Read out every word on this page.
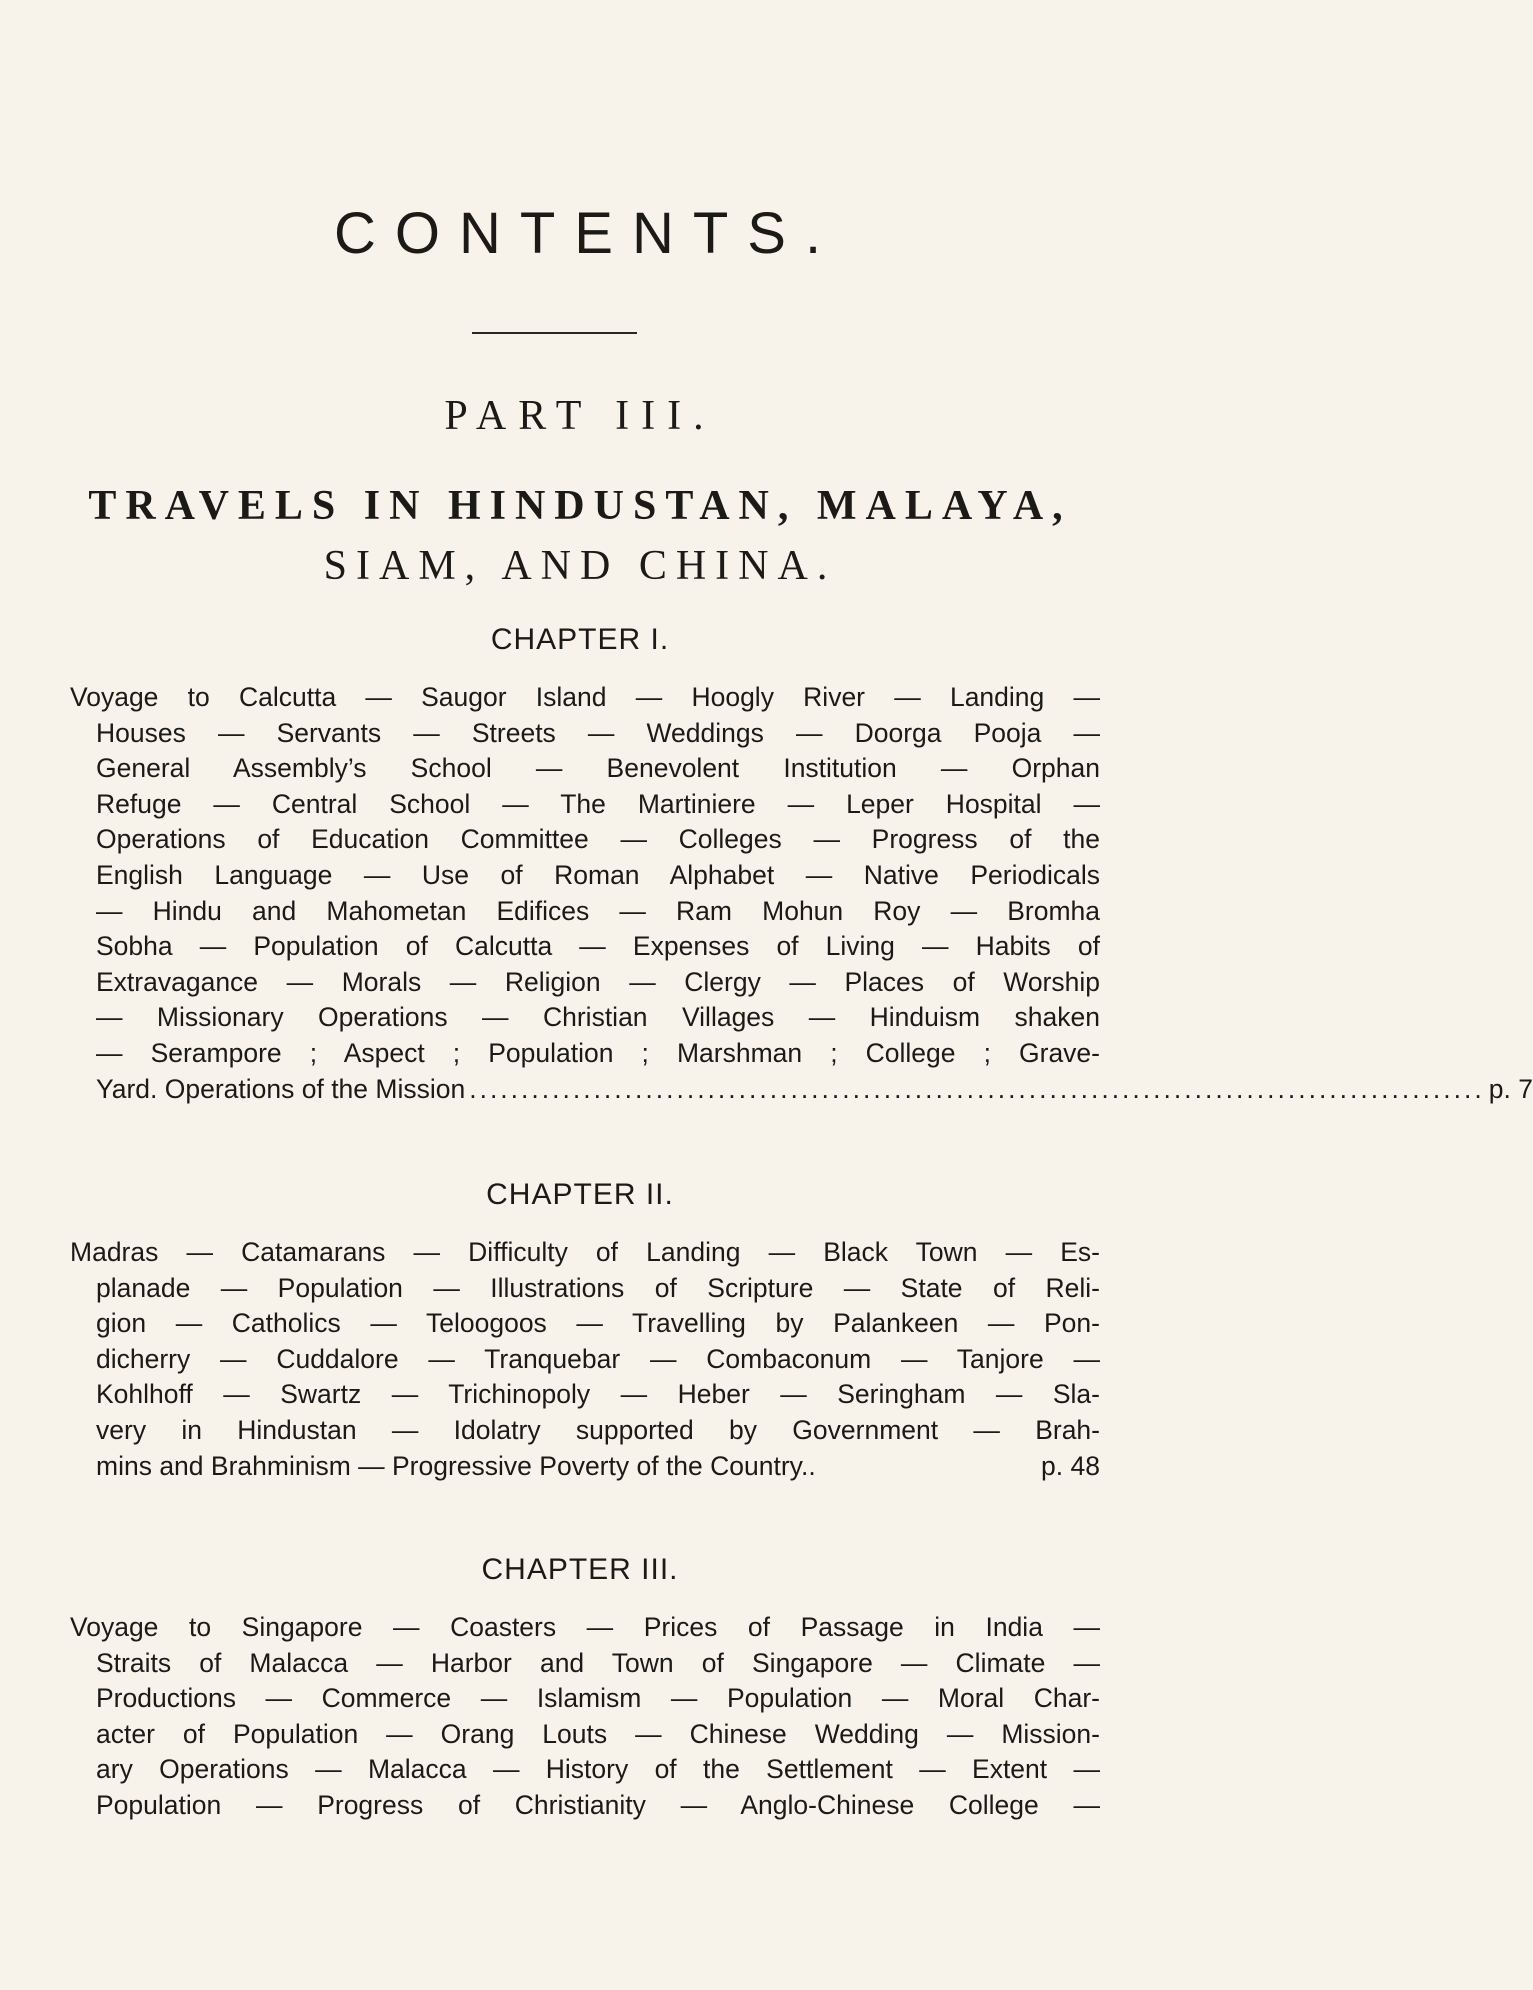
CONTENTS.
PART III.
TRAVELS IN HINDUSTAN, MALAYA,
SIAM, AND CHINA.
CHAPTER I.
Voyage to Calcutta — Saugor Island — Hoogly River — Landing —
Houses — Servants — Streets — Weddings — Doorga Pooja —
General Assembly’s School — Benevolent Institution — Orphan
Refuge — Central School — The Martiniere — Leper Hospital —
Operations of Education Committee — Colleges — Progress of the
English Language — Use of Roman Alphabet — Native Periodicals
— Hindu and Mahometan Edifices — Ram Mohun Roy — Bromha
Sobha — Population of Calcutta — Expenses of Living — Habits of
Extravagance — Morals — Religion — Clergy — Places of Worship
— Missionary Operations — Christian Villages — Hinduism shaken
— Serampore ; Aspect ; Population ; Marshman ; College ; Grave-
Yard. Operations of the Mission .................................................................................................. p. 7
CHAPTER II.
Madras — Catamarans — Difficulty of Landing — Black Town — Es-
planade — Population — Illustrations of Scripture — State of Reli-
gion — Catholics — Teloogoos — Travelling by Palankeen — Pon-
dicherry — Cuddalore — Tranquebar — Combaconum — Tanjore —
Kohlhoff — Swartz — Trichinopoly — Heber — Seringham — Sla-
very in Hindustan — Idolatry supported by Government — Brah-
mins and Brahminism — Progressive Poverty of the Country..	p. 48
CHAPTER III.
Voyage to Singapore — Coasters — Prices of Passage in India —
Straits of Malacca — Harbor and Town of Singapore — Climate —
Productions — Commerce — Islamism — Population — Moral Char-
acter of Population — Orang Louts — Chinese Wedding — Mission-
ary Operations — Malacca — History of the Settlement — Extent —
Population — Progress of Christianity — Anglo-Chinese College —
